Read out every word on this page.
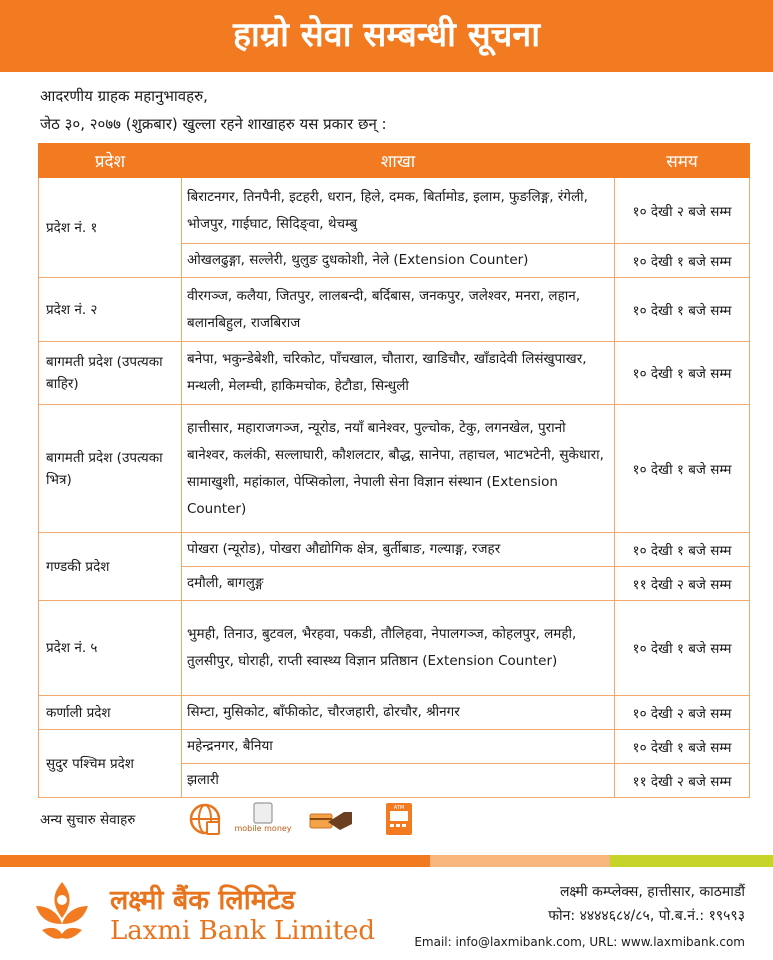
हाम्रो सेवा सम्बन्धी सूचना
आदरणीय ग्राहक महानुभावहरु,
जेठ ३०, २०७७ (शुक्रबार) खुल्ला रहने शाखाहरु यस प्रकार छन् :
प्रदेश	शाखा	समय
प्रदेश नं. १	बिराटनगर, तिनपैनी, इटहरी, धरान, हिले, दमक, बिर्तामोड, इलाम, फुङलिङ्ग, रंगेली, भोजपुर, गाईघाट, सिदिङ्वा, थेचम्बु	१० देखी २ बजे सम्म
	ओखलढुङ्गा, सल्लेरी, थुलुङ दुधकोशी, नेले (Extension Counter)	१० देखी १ बजे सम्म
प्रदेश नं. २	वीरगञ्ज, कलैया, जितपुर, लालबन्दी, बर्दिबास, जनकपुर, जलेश्वर, मनरा, लहान, बलानबिहुल, राजबिराज	१० देखी १ बजे सम्म
बागमती प्रदेश (उपत्यका बाहिर)	बनेपा, भकुन्डेबेशी, चरिकोट, पाँचखाल, चौतारा, खाडिचौर, खाँडादेवी लिसंखुपाखर, मन्थली, मेलम्ची, हाकिमचोक, हेटौडा, सिन्धुली	१० देखी १ बजे सम्म
बागमती प्रदेश (उपत्यका भित्र)	हात्तीसार, महाराजगञ्ज, न्यूरोड, नयाँ बानेश्वर, पुल्चोक, टेकु, लगनखेल, पुरानो बानेश्वर, कलंकी, सल्लाघारी, कौशलटार, बौद्ध, सानेपा, तहाचल, भाटभटेनी, सुकेधारा, सामाखुशी, महांकाल, पेप्सिकोला, नेपाली सेना विज्ञान संस्थान (Extension Counter)	१० देखी १ बजे सम्म
गण्डकी प्रदेश	पोखरा (न्यूरोड), पोखरा औद्योगिक क्षेत्र, बुर्तीबाङ, गल्याङ्ग, रजहर	१० देखी १ बजे सम्म
	दमौली, बागलुङ्ग	११ देखी २ बजे सम्म
प्रदेश नं. ५	भुमही, तिनाउ, बुटवल, भैरहवा, पकडी, तौलिहवा, नेपालगञ्ज, कोहलपुर, लमही, तुलसीपुर, घोराही, राप्ती स्वास्थ्य विज्ञान प्रतिष्ठान (Extension Counter)	१० देखी १ बजे सम्म
कर्णाली प्रदेश	सिम्टा, मुसिकोट, बाँफीकोट, चौरजहारी, ढोरचौर, श्रीनगर	१० देखी २ बजे सम्म
सुदुर पश्चिम प्रदेश	महेन्द्रनगर, बैनिया	१० देखी १ बजे सम्म
	झलारी	११ देखी २ बजे सम्म
अन्य सुचारु सेवाहरु
mobile money
ATM
लक्ष्मी बैंक लिमिटेड
Laxmi Bank Limited
लक्ष्मी कम्प्लेक्स, हात्तीसार, काठमाडौं
फोन: ४४४४६८४/८५, पो.ब.नं.: १९५९३
Email: info@laxmibank.com, URL: www.laxmibank.com
